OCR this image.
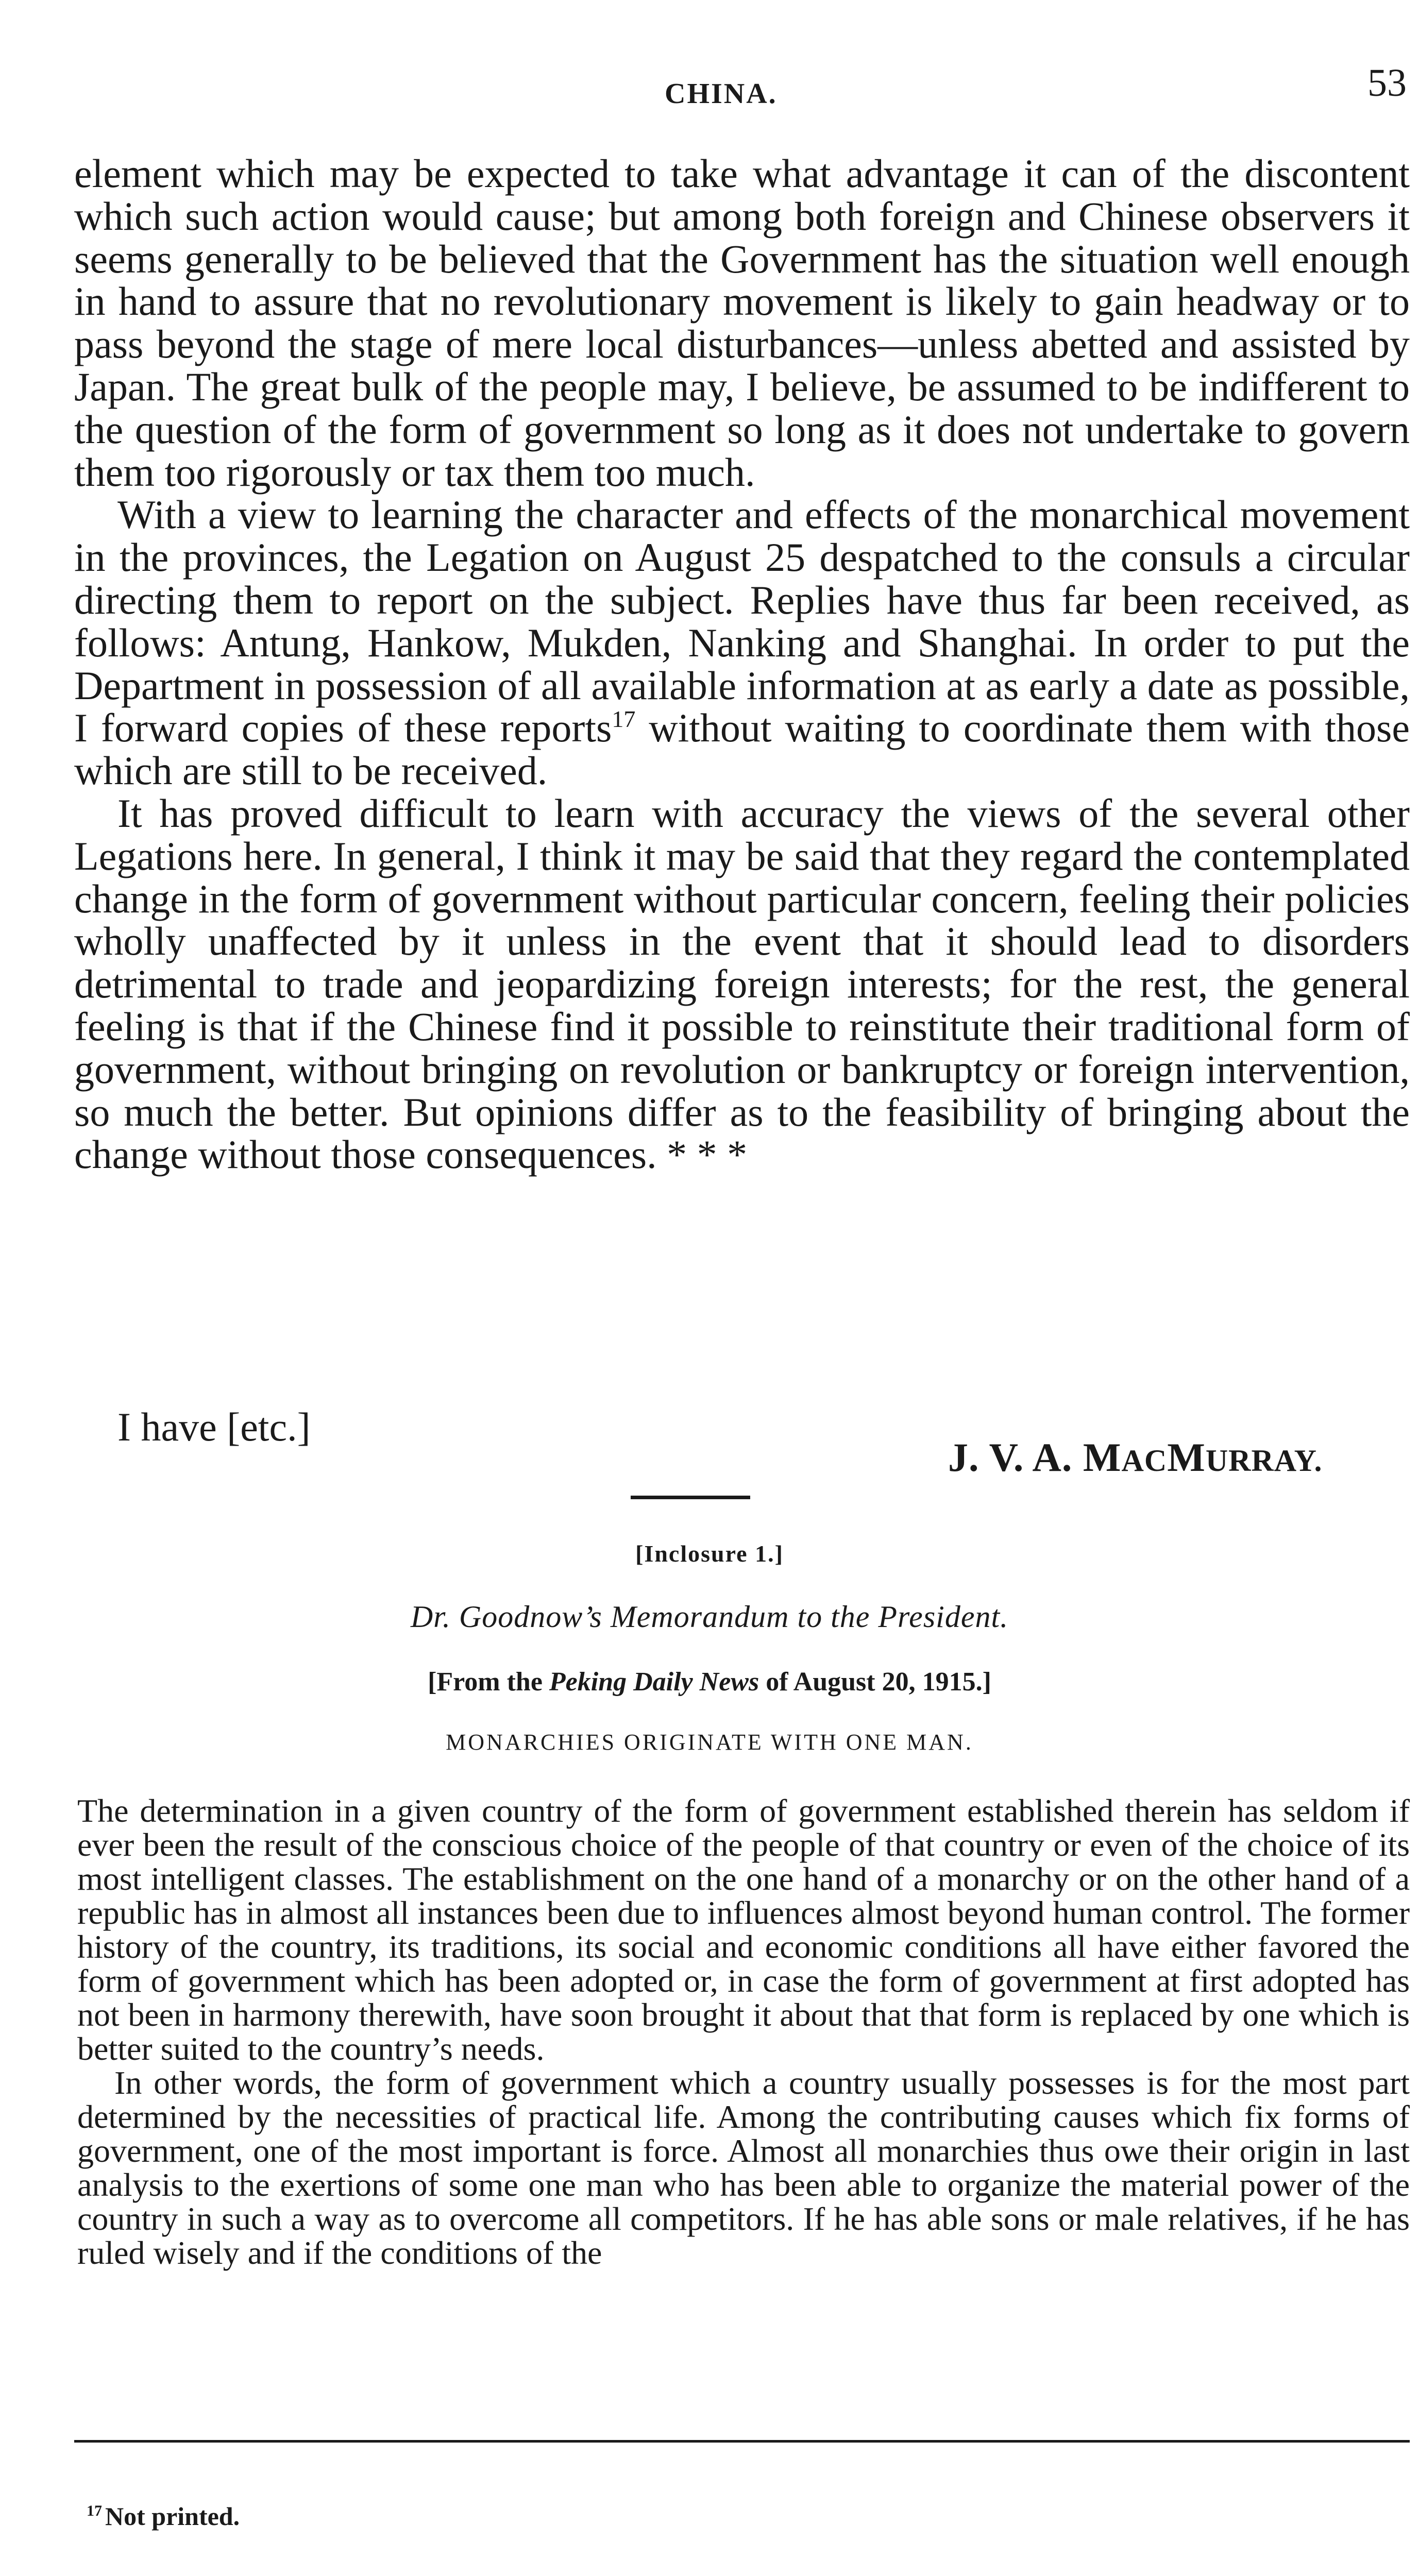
CHINA.	53

element which may be expected to take what advantage it can of the discontent which such action would cause; but among both foreign and Chinese observers it seems generally to be believed that the Government has the situation well enough in hand to assure that no revolutionary movement is likely to gain headway or to pass beyond the stage of mere local disturbances—unless abetted and assisted by Japan. The great bulk of the people may, I believe, be assumed to be indifferent to the question of the form of government so long as it does not undertake to govern them too rigorously or tax them too much.

With a view to learning the character and effects of the monarchical movement in the provinces, the Legation on August 25 despatched to the consuls a circular directing them to report on the subject. Replies have thus far been received, as follows: Antung, Hankow, Mukden, Nanking and Shanghai. In order to put the Department in possession of all available information at as early a date as possible, I forward copies of these reports$^{17}$ without waiting to coordinate them with those which are still to be received.

It has proved difficult to learn with accuracy the views of the several other Legations here. In general, I think it may be said that they regard the contemplated change in the form of government without particular concern, feeling their policies wholly unaffected by it unless in the event that it should lead to disorders detrimental to trade and jeopardizing foreign interests; for the rest, the general feeling is that if the Chinese find it possible to reinstitute their traditional form of government, without bringing on revolution or bankruptcy or foreign intervention, so much the better. But opinions differ as to the feasibility of bringing about the change without those consequences. * * *

I have [etc.]
J. V. A. MACMURRAY.
[Inclosure 1.]
Dr. Goodnow’s Memorandum to the President.
[From the Peking Daily News of August 20, 1915.]
MONARCHIES ORIGINATE WITH ONE MAN.

The determination in a given country of the form of government established therein has seldom if ever been the result of the conscious choice of the people of that country or even of the choice of its most intelligent classes. The establishment on the one hand of a monarchy or on the other hand of a republic has in almost all instances been due to influences almost beyond human control. The former history of the country, its traditions, its social and economic conditions all have either favored the form of government which has been adopted or, in case the form of government at first adopted has not been in harmony therewith, have soon brought it about that that form is replaced by one which is better suited to the country’s needs.

In other words, the form of government which a country usually possesses is for the most part determined by the necessities of practical life. Among the contributing causes which fix forms of government, one of the most important is force. Almost all monarchies thus owe their origin in last analysis to the exertions of some one man who has been able to organize the material power of the country in such a way as to overcome all competitors. If he has able sons or male relatives, if he has ruled wisely and if the conditions of the

$^{17}$ Not printed.
